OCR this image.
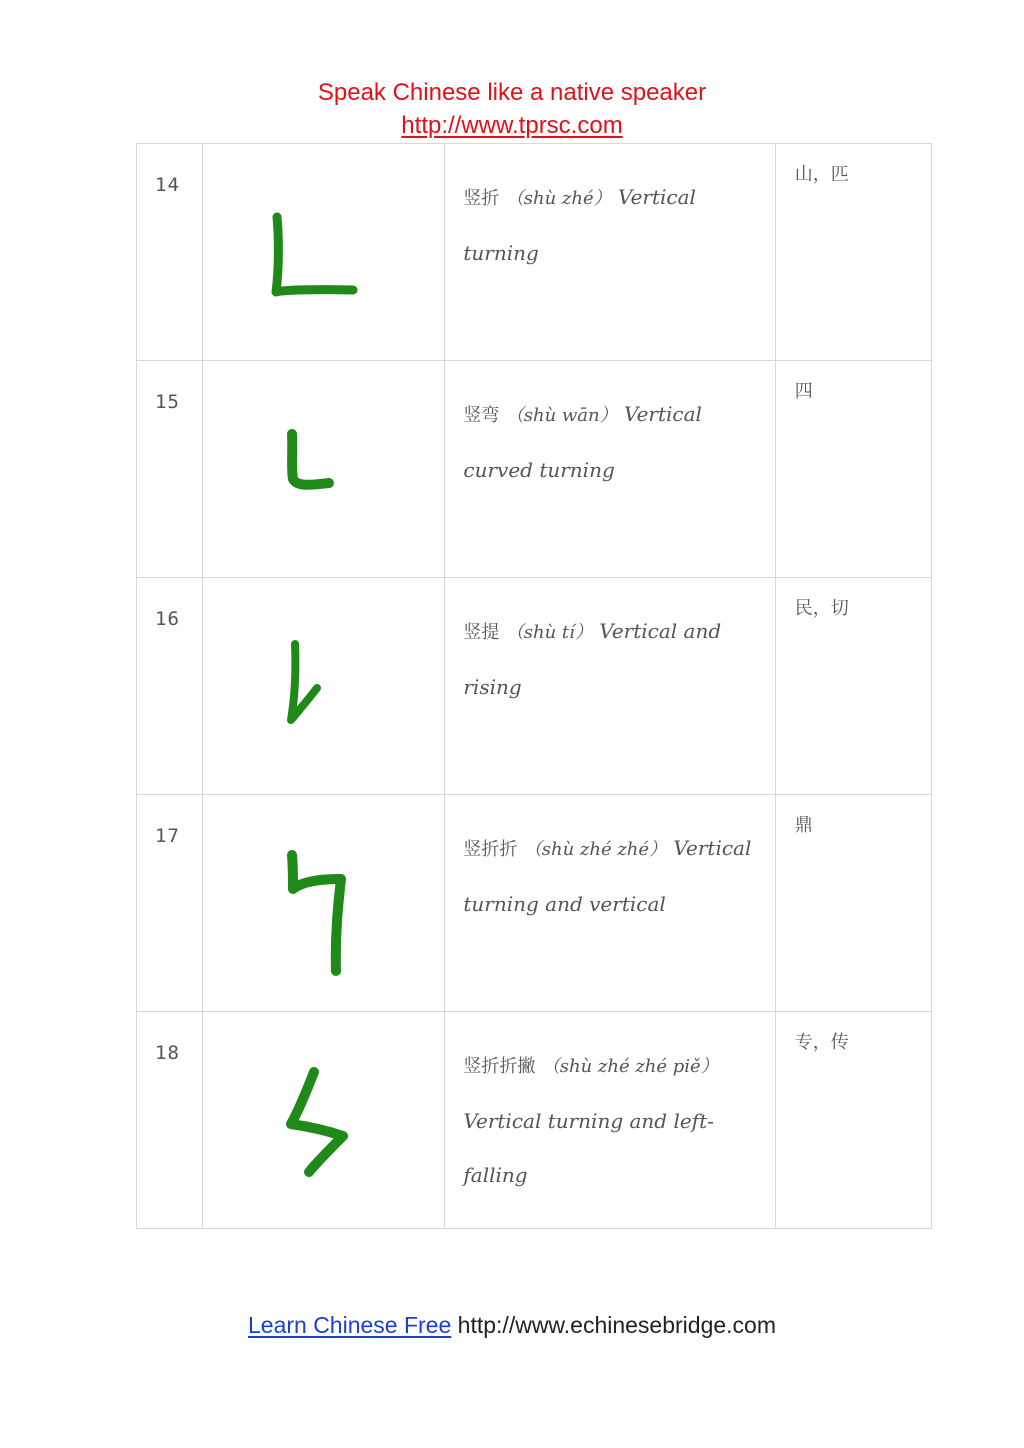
Speak Chinese like a native speaker
http://www.tprsc.com
14		竖折 （shù zhé） Vertical turning	山，匹

15		竖弯 （shù wān） Vertical curved turning	四

16		竖提 （shù tí） Vertical and rising	民，切

17		竖折折 （shù zhé zhé） Vertical turning and vertical	鼎

18		竖折折撇 （shù zhé zhé piě） Vertical turning and left-falling	专，传
Learn Chinese Free http://www.echinesebridge.com
